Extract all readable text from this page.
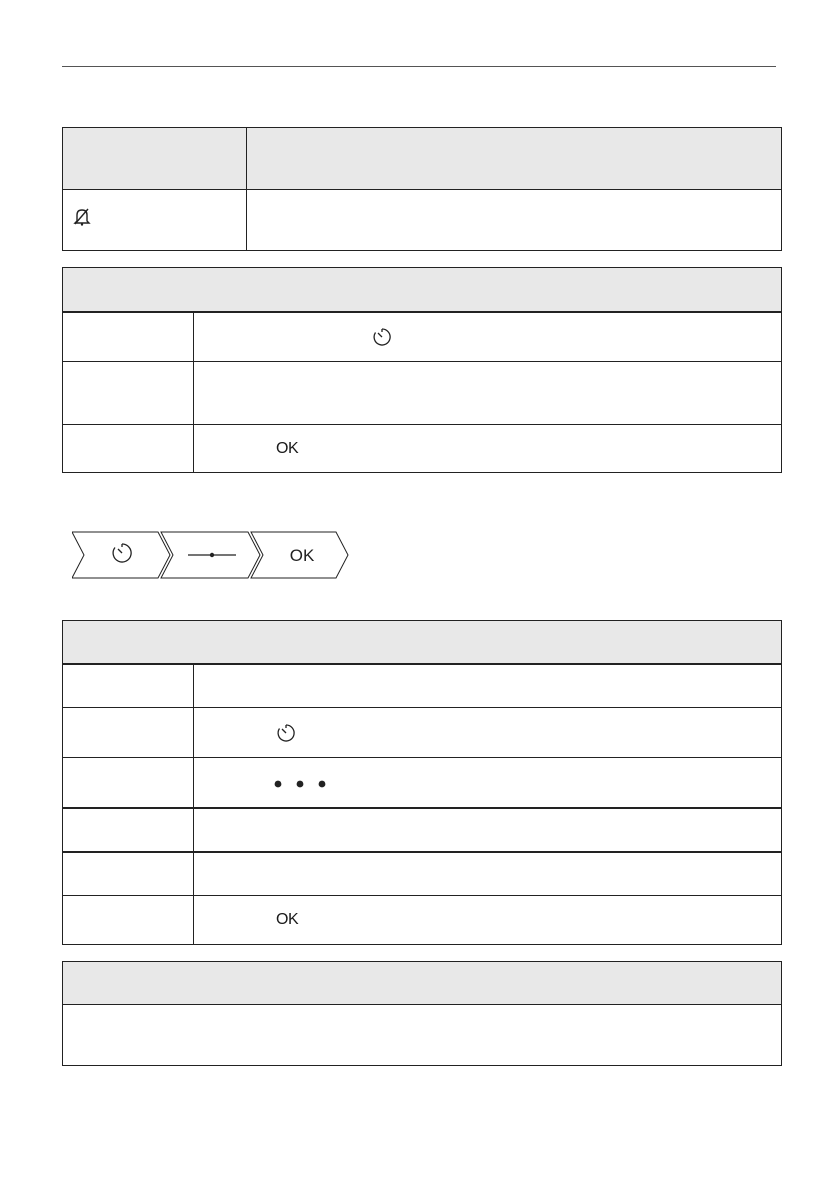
	OK
OK

	OK
